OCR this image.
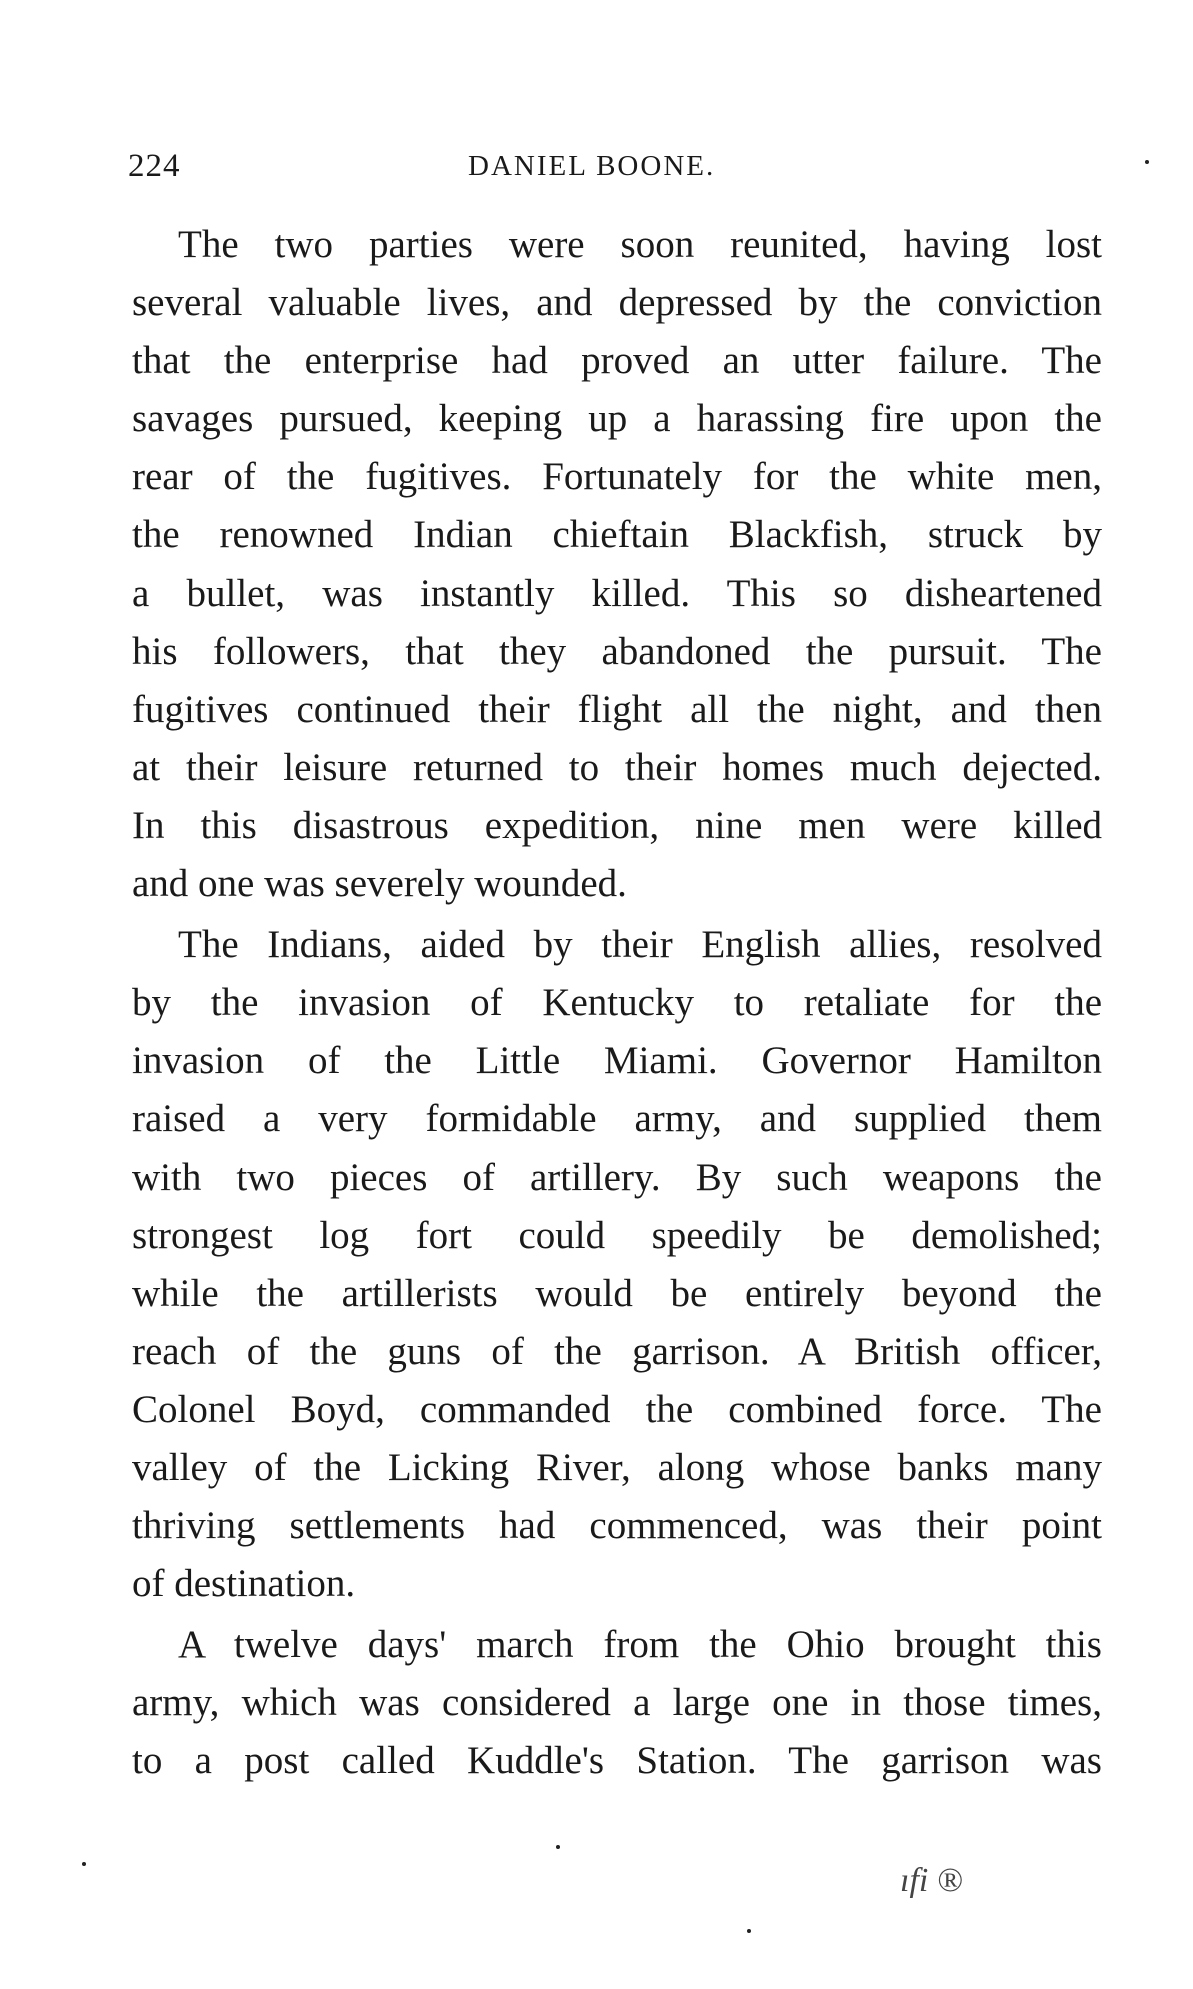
224	DANIEL BOONE.
The two parties were soon reunited, having lost
several valuable lives, and depressed by the conviction
that the enterprise had proved an utter failure. The
savages pursued, keeping up a harassing fire upon the
rear of the fugitives. Fortunately for the white men,
the renowned Indian chieftain Blackfish, struck by
a bullet, was instantly killed. This so disheartened
his followers, that they abandoned the pursuit. The
fugitives continued their flight all the night, and then
at their leisure returned to their homes much dejected.
In this disastrous expedition, nine men were killed
and one was severely wounded.
The Indians, aided by their English allies, resolved
by the invasion of Kentucky to retaliate for the
invasion of the Little Miami. Governor Hamilton
raised a very formidable army, and supplied them
with two pieces of artillery. By such weapons the
strongest log fort could speedily be demolished;
while the artillerists would be entirely beyond the
reach of the guns of the garrison. A British officer,
Colonel Boyd, commanded the combined force. The
valley of the Licking River, along whose banks many
thriving settlements had commenced, was their point
of destination.
A twelve days' march from the Ohio brought this
army, which was considered a large one in those times,
to a post called Kuddle's Station. The garrison was
ıfi ®
